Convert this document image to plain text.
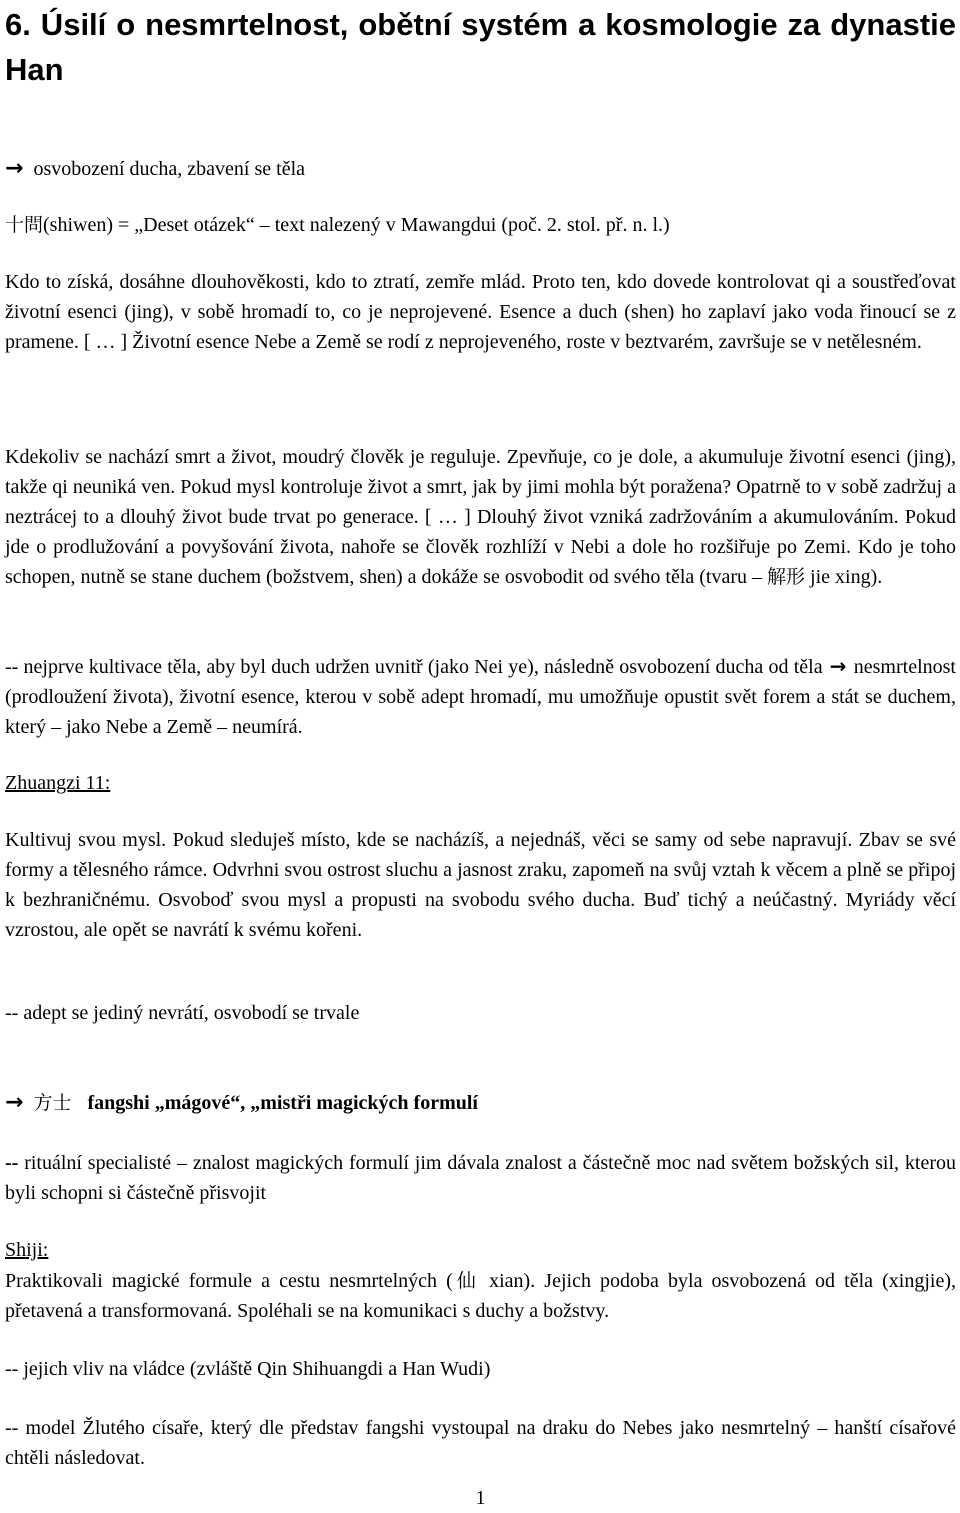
6. Úsilí o nesmrtelnost, obětní systém a kosmologie za dynastie Han
→ osvobození ducha, zbavení se těla
十問(shiwen) = „Deset otázek“ – text nalezený v Mawangdui (poč. 2. stol. př. n. l.)
Kdo to získá, dosáhne dlouhověkosti, kdo to ztratí, zemře mlád. Proto ten, kdo dovede kontrolovat qi a soustřeďovat životní esenci (jing), v sobě hromadí to, co je neprojevené. Esence a duch (shen) ho zaplaví jako voda řinoucí se z pramene. [ … ] Životní esence Nebe a Země se rodí z neprojeveného, roste v beztvarém, završuje se v netělesném.
Kdekoliv se nachází smrt a život, moudrý člověk je reguluje. Zpevňuje, co je dole, a akumuluje životní esenci (jing), takže qi neuniká ven. Pokud mysl kontroluje život a smrt, jak by jimi mohla být poražena? Opatrně to v sobě zadržuj a neztrácej to a dlouhý život bude trvat po generace. [ … ] Dlouhý život vzniká zadržováním a akumulováním. Pokud jde o prodlužování a povyšování života, nahoře se člověk rozhlíží v Nebi a dole ho rozšiřuje po Zemi. Kdo je toho schopen, nutně se stane duchem (božstvem, shen) a dokáže se osvobodit od svého těla (tvaru – 解形 jie xing).
-- nejprve kultivace těla, aby byl duch udržen uvnitř (jako Nei ye), následně osvobození ducha od těla → nesmrtelnost (prodloužení života), životní esence, kterou v sobě adept hromadí, mu umožňuje opustit svět forem a stát se duchem, který – jako Nebe a Země – neumírá.
Zhuangzi 11:
Kultivuj svou mysl. Pokud sleduješ místo, kde se nacházíš, a nejednáš, věci se samy od sebe napravují. Zbav se své formy a tělesného rámce. Odvrhni svou ostrost sluchu a jasnost zraku, zapomeň na svůj vztah k věcem a plně se připoj k bezhraničnému. Osvoboď svou mysl a propusti na svobodu svého ducha. Buď tichý a neúčastný. Myriády věcí vzrostou, ale opět se navrátí k svému kořeni.
-- adept se jediný nevrátí, osvobodí se trvale
→ 方士 fangshi „mágové“, „mistři magických formulí
-- rituální specialisté – znalost magických formulí jim dávala znalost a částečně moc nad světem božských sil, kterou byli schopni si částečně přisvojit
Shiji:
Praktikovali magické formule a cestu nesmrtelných (仙 xian). Jejich podoba byla osvobozená od těla (xingjie), přetavená a transformovaná. Spoléhali se na komunikaci s duchy a božstvy.
-- jejich vliv na vládce (zvláště Qin Shihuangdi a Han Wudi)
-- model Žlutého císaře, který dle představ fangshi vystoupal na draku do Nebes jako nesmrtelný – hanští císařové chtěli následovat.
1
